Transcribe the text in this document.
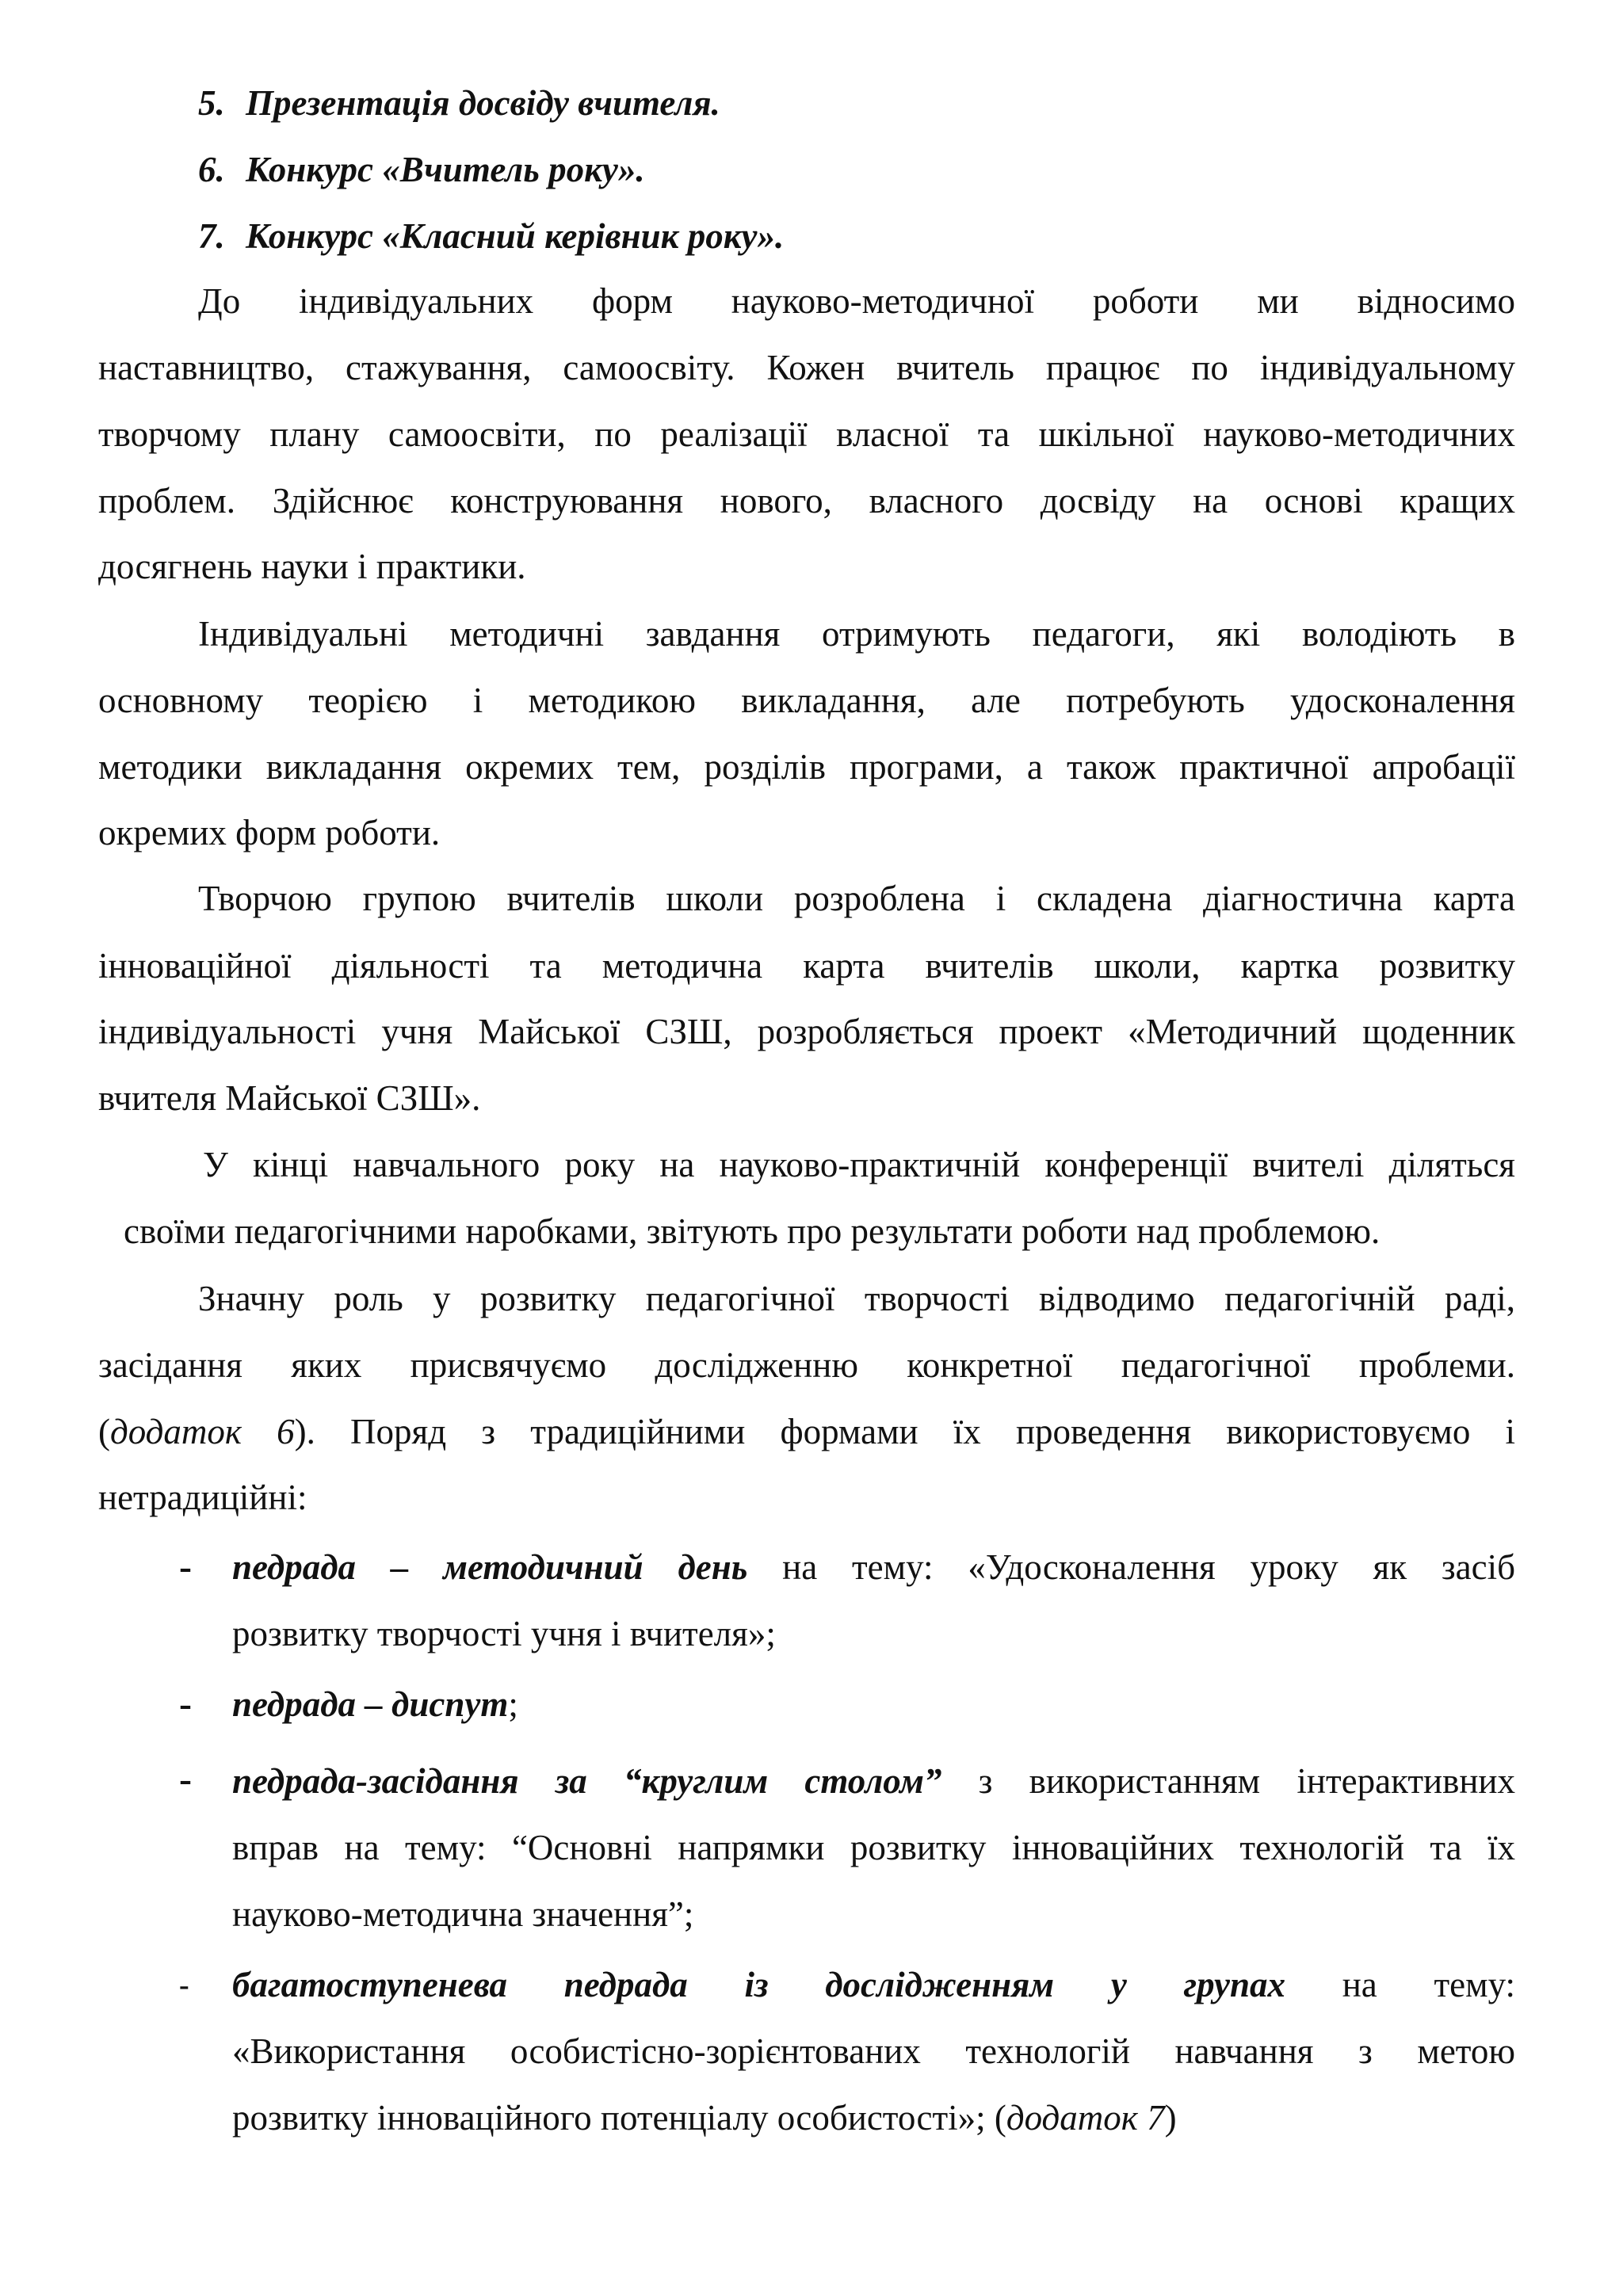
5. Презентація досвіду вчителя.
6. Конкурс «Вчитель року».
7. Конкурс «Класний керівник року».
До індивідуальних форм науково-методичної роботи ми відносимо
наставництво, стажування, самоосвіту. Кожен вчитель працює по індивідуальному
творчому плану самоосвіти, по реалізації власної та шкільної науково-методичних
проблем. Здійснює конструювання нового, власного досвіду на основі кращих
досягнень науки і практики.
Індивідуальні методичні завдання отримують педагоги, які володіють в
основному теорією і методикою викладання, але потребують удосконалення
методики викладання окремих тем, розділів програми, а також практичної апробації
окремих форм роботи.
Творчою групою вчителів школи розроблена і складена діагностична карта
інноваційної діяльності та методична карта вчителів школи, картка розвитку
індивідуальності учня Майської СЗШ, розробляється проект «Методичний щоденник
вчителя Майської СЗШ».
У кінці навчального року на науково-практичній конференції вчителі діляться
своїми педагогічними наробками, звітують про результати роботи над проблемою.
Значну роль у розвитку педагогічної творчості відводимо педагогічній раді,
засідання яких присвячуємо дослідженню конкретної педагогічної проблеми.
(додаток 6). Поряд з традиційними формами їх проведення використовуємо і
нетрадиційні:
- педрада – методичний день на тему: «Удосконалення уроку як засіб
розвитку творчості учня і вчителя»;
- педрада – диспут;
- педрада-засідання за “круглим столом” з використанням інтерактивних
вправ на тему: “Основні напрямки розвитку інноваційних технологій та їх
науково-методична значення”;
- багатоступенева педрада із дослідженням у групах на тему:
«Використання особистісно-зорієнтованих технологій навчання з метою
розвитку інноваційного потенціалу особистості»; (додаток 7)
